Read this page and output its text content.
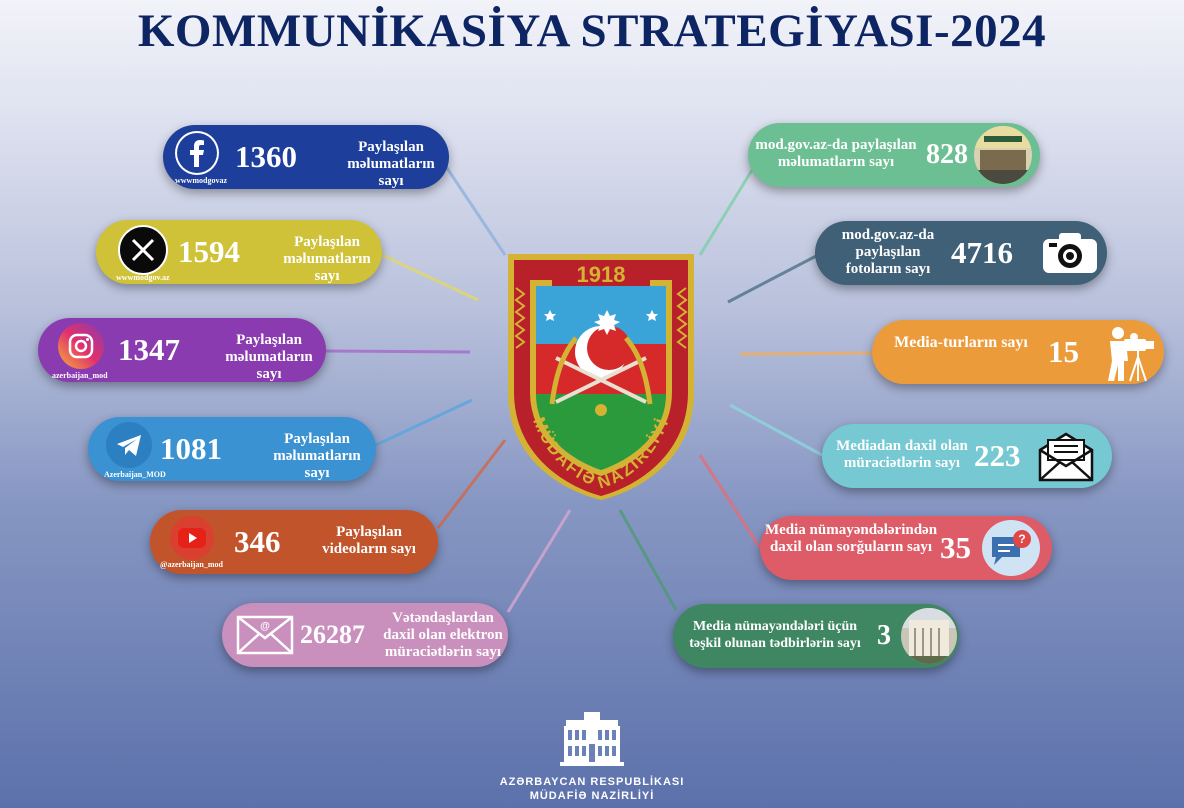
KOMMUNİKASİYA STRATEGİYASI-2024
wwwmodgovaz
1360	Paylaşılan məlumatların sayı
wwwmodgov.az
1594	Paylaşılan məlumatların sayı
azerbaijan_mod
1347	Paylaşılan məlumatların sayı
Azerbaijan_MOD
1081	Paylaşılan məlumatların sayı
@azerbaijan_mod
346	Paylaşılan videoların sayı
@ 26287
Vətəndaşlardan daxil olan elektron müraciətlərin sayı
mod.gov.az-da paylaşılan məlumatların sayı	828
mod.gov.az-da paylaşılan fotoların sayı 4716
Media-turların sayı 15
Mediadan daxil olan müraciətlərin sayı 223
Media nümayəndələrindən daxil olan sorğuların sayı 35	?
Media nümayəndələri üçün təşkil olunan tədbirlərin sayı 3
1918
MÜDAFİƏ NAZİRLİYİ
AZƏRBAYCAN RESPUBLİKASI
MÜDAFİƏ NAZİRLİYİ
